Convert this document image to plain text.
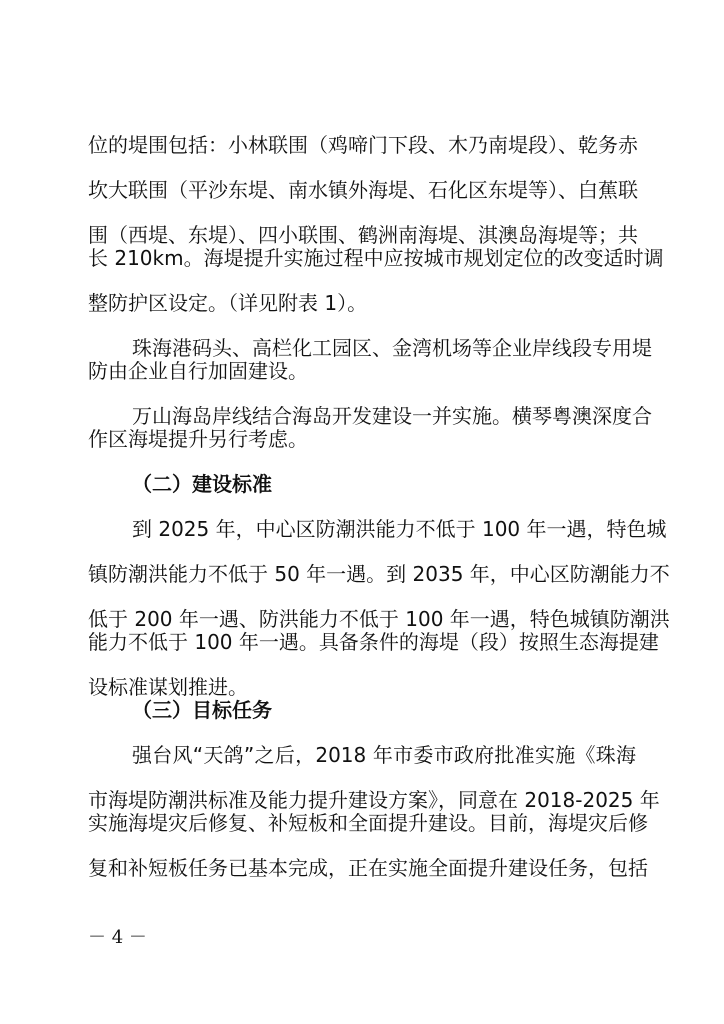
位的堤围包括：小林联围（鸡啼门下段、木乃南堤段）、乾务赤
坎大联围（平沙东堤、南水镇外海堤、石化区东堤等）、白蕉联
围（西堤、东堤）、四小联围、鹤洲南海堤、淇澳岛海堤等；共
长 210km。海堤提升实施过程中应按城市规划定位的改变适时调
整防护区设定。（详见附表 1）。
珠海港码头、高栏化工园区、金湾机场等企业岸线段专用堤
防由企业自行加固建设。
万山海岛岸线结合海岛开发建设一并实施。横琴粤澳深度合
作区海堤提升另行考虑。
（二）建设标准
到 2025 年，中心区防潮洪能力不低于 100 年一遇，特色城
镇防潮洪能力不低于 50 年一遇。到 2035 年，中心区防潮能力不
低于 200 年一遇、防洪能力不低于 100 年一遇，特色城镇防潮洪
能力不低于 100 年一遇。具备条件的海堤（段）按照生态海提建
设标准谋划推进。
（三）目标任务
强台风“天鸽”之后，2018 年市委市政府批准实施《珠海
市海堤防潮洪标准及能力提升建设方案》，同意在 2018-2025 年
实施海堤灾后修复、补短板和全面提升建设。目前，海堤灾后修
复和补短板任务已基本完成，正在实施全面提升建设任务，包括
－ 4 －
